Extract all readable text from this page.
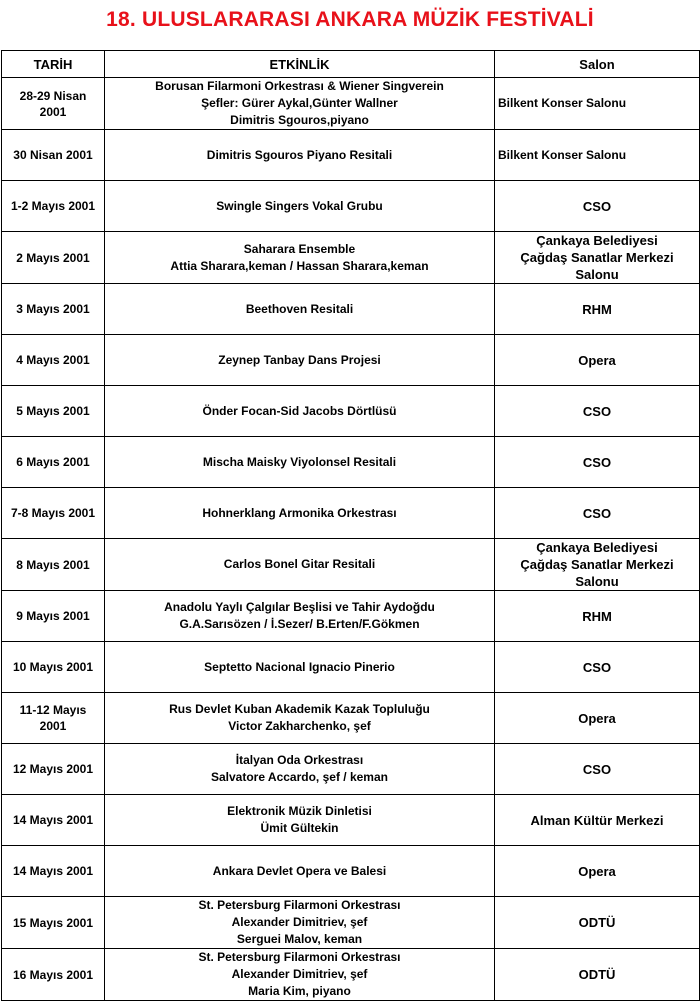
18. ULUSLARARASI ANKARA MÜZİK FESTİVALİ
TARİH	ETKİNLİK	Salon

28-29 Nisan
2001	Borusan Filarmoni Orkestrası & Wiener Singverein
Şefler: Gürer Aykal,Günter Wallner
Dimitris Sgouros,piyano	Bilkent Konser Salonu

30 Nisan 2001	Dimitris Sgouros Piyano Resitali	Bilkent Konser Salonu

1-2 Mayıs 2001	Swingle Singers Vokal Grubu	CSO

2 Mayıs 2001	Saharara Ensemble
Attia Sharara,keman / Hassan Sharara,keman	Çankaya Belediyesi
Çağdaş Sanatlar Merkezi
Salonu

3 Mayıs 2001	Beethoven Resitali	RHM

4 Mayıs 2001	Zeynep Tanbay Dans Projesi	Opera

5 Mayıs 2001	Önder Focan-Sid Jacobs Dörtlüsü	CSO

6 Mayıs 2001	Mischa Maisky Viyolonsel Resitali	CSO

7-8 Mayıs 2001	Hohnerklang Armonika Orkestrası	CSO

8 Mayıs 2001	Carlos Bonel Gitar Resitali	Çankaya Belediyesi
Çağdaş Sanatlar Merkezi
Salonu

9 Mayıs 2001	Anadolu Yaylı Çalgılar Beşlisi ve Tahir Aydoğdu
G.A.Sarısözen / İ.Sezer/ B.Erten/F.Gökmen	RHM

10 Mayıs 2001	Septetto Nacional Ignacio Pinerio	CSO

11-12 Mayıs
2001	Rus Devlet Kuban Akademik Kazak Topluluğu
Victor Zakharchenko, şef	Opera

12 Mayıs 2001	İtalyan Oda Orkestrası
Salvatore Accardo, şef / keman	CSO

14 Mayıs 2001	Elektronik Müzik Dinletisi
Ümit Gültekin	Alman Kültür Merkezi

14 Mayıs 2001	Ankara Devlet Opera ve Balesi	Opera

15 Mayıs 2001	St. Petersburg Filarmoni Orkestrası
Alexander Dimitriev, şef
Serguei Malov, keman	ODTÜ

16 Mayıs 2001	St. Petersburg Filarmoni Orkestrası
Alexander Dimitriev, şef
Maria Kim, piyano	ODTÜ
